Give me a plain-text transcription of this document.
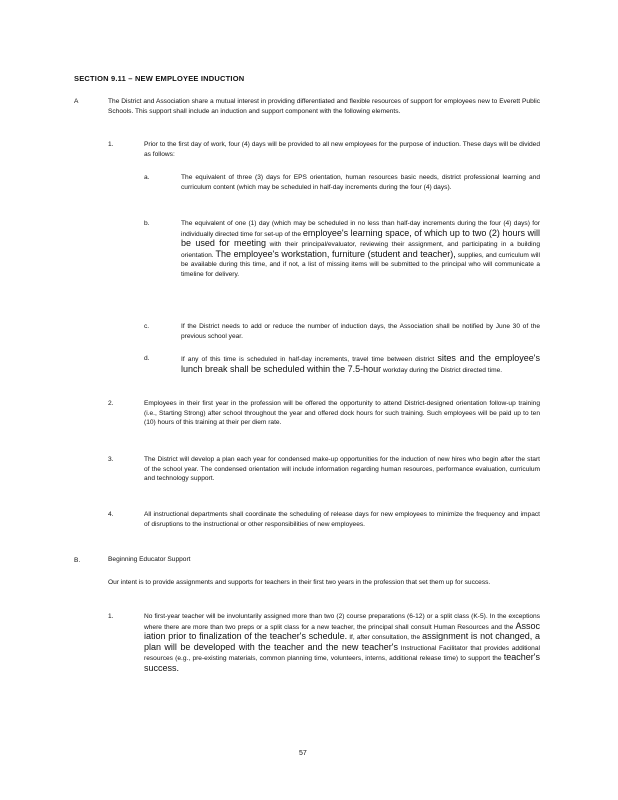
SECTION 9.11 – NEW EMPLOYEE INDUCTION
A	The District and Association share a mutual interest in providing differentiated and flexible resources of support for employees new to Everett Public Schools. This support shall include an induction and support component with the following elements.
1.	Prior to the first day of work, four (4) days will be provided to all new employees for the purpose of induction. These days will be divided as follows:
a.	The equivalent of three (3) days for EPS orientation, human resources basic needs, district professional learning and curriculum content (which may be scheduled in half-day increments during the four (4) days).
b.	The equivalent of one (1) day (which may be scheduled in no less than half-day increments during the four (4) days) for individually directed time for set-up of the employee's learning space, of which up to two (2) hours will be used for meeting with their principal/evaluator, reviewing their assignment, and participating in a building orientation. The employee's workstation, furniture (student and teacher), supplies, and curriculum will be available during this time, and if not, a list of missing items will be submitted to the principal who will communicate a timeline for delivery.
c.	If the District needs to add or reduce the number of induction days, the Association shall be notified by June 30 of the previous school year.
d.	If any of this time is scheduled in half-day increments, travel time between district sites and the employee's lunch break shall be scheduled within the 7.5-hour workday during the District directed time.
2.	Employees in their first year in the profession will be offered the opportunity to attend District-designed orientation follow-up training (i.e., Starting Strong) after school throughout the year and offered dock hours for such training. Such employees will be paid up to ten (10) hours of this training at their per diem rate.
3.	The District will develop a plan each year for condensed make-up opportunities for the induction of new hires who begin after the start of the school year. The condensed orientation will include information regarding human resources, performance evaluation, curriculum and technology support.
4.	All instructional departments shall coordinate the scheduling of release days for new employees to minimize the frequency and impact of disruptions to the instructional or other responsibilities of new employees.
B.	Beginning Educator Support
Our intent is to provide assignments and supports for teachers in their first two years in the profession that set them up for success.
1.	No first-year teacher will be involuntarily assigned more than two (2) course preparations (6-12) or a split class (K-5). In the exceptions where there are more than two preps or a split class for a new teacher, the principal shall consult Human Resources and the Assoc iation prior to finalization of the teacher's schedule. If, after consultation, the assignment is not changed, a plan will be developed with the teacher and the new teacher's Instructional Facilitator that provides additional resources (e.g., pre-existing materials, common planning time, volunteers, interns, additional release time) to support the teacher's success.
57
